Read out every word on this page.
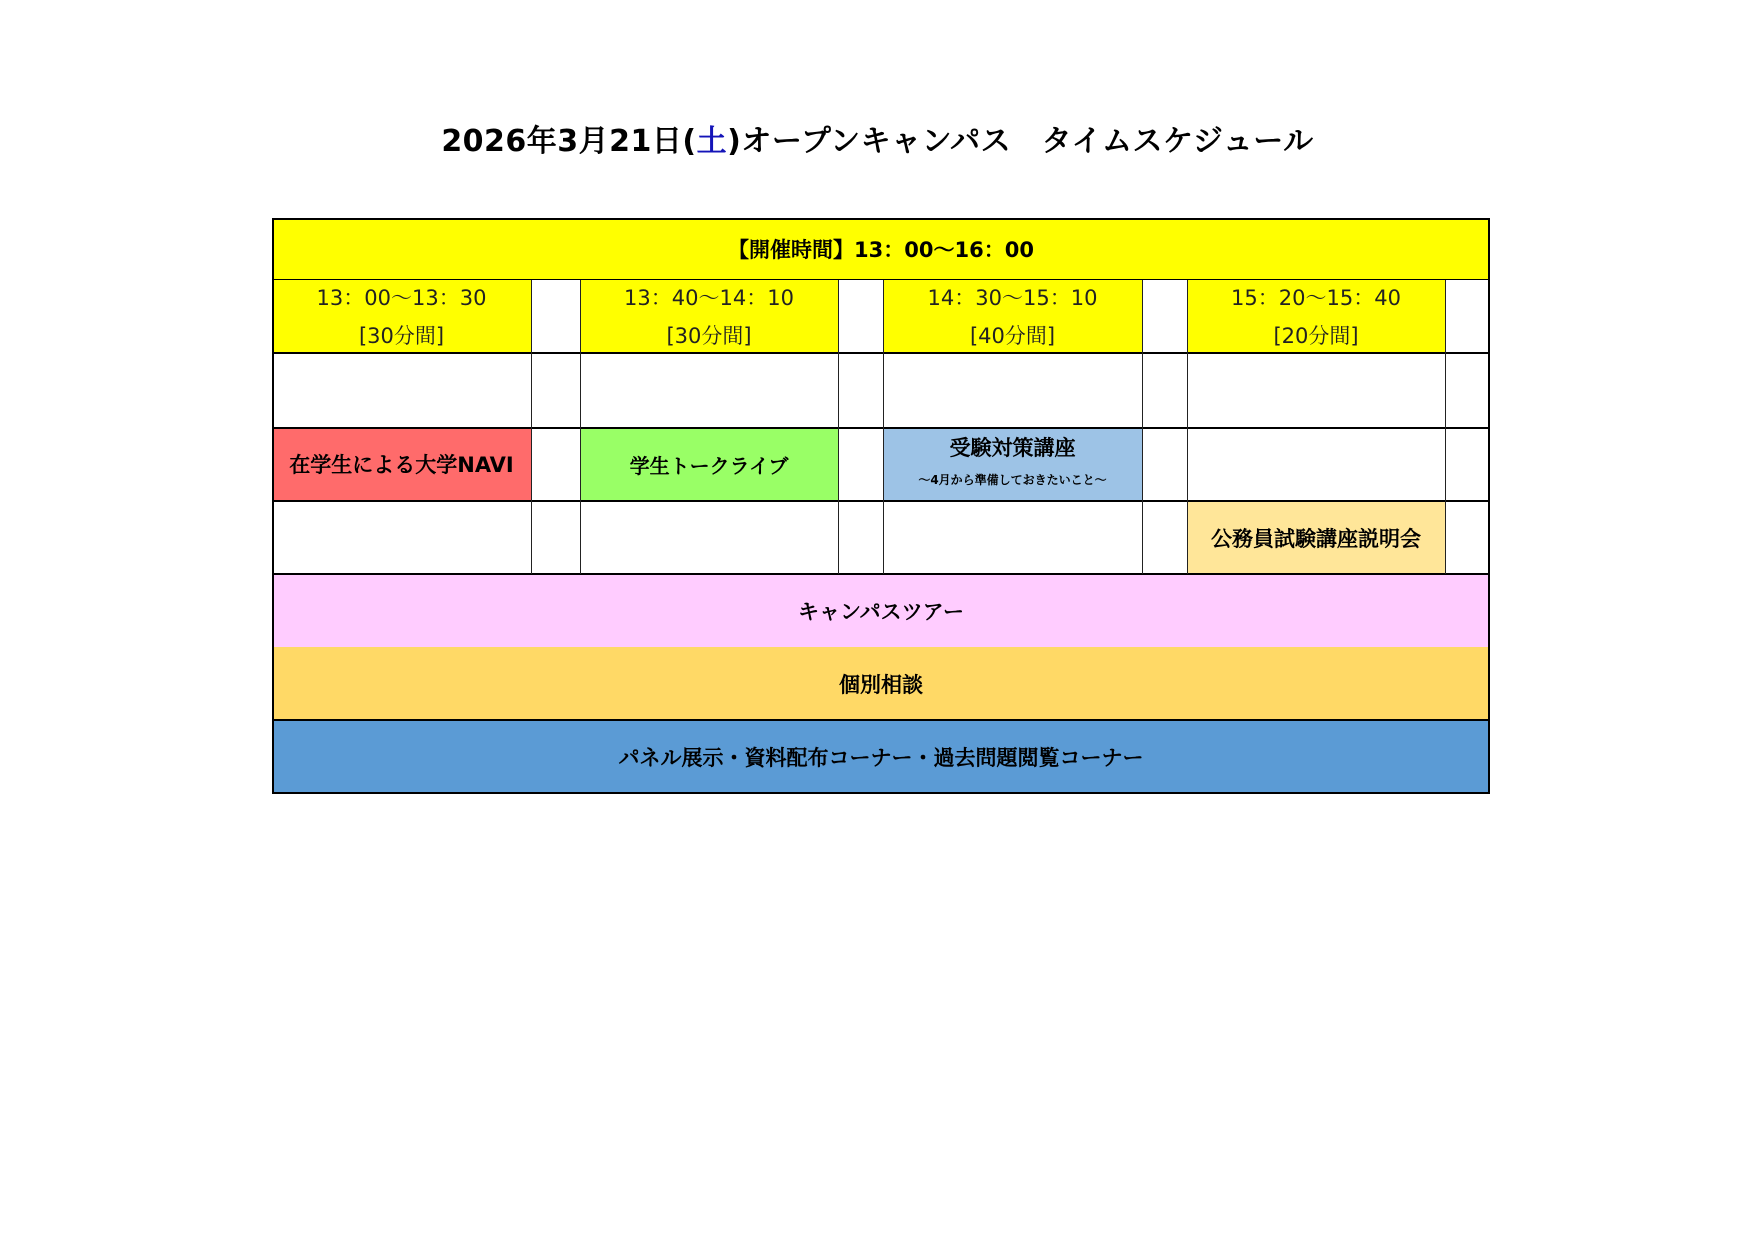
2026年3月21日(土)オープンキャンパス　タイムスケジュール
【開催時間】13：00～16：00
13：00～13：30
[30分間]
13：40～14：10
[30分間]
14：30～15：10
[40分間]
15：20～15：40
[20分間]
在学生による大学NAVI	学生トークライブ
受験対策講座
～4月から準備しておきたいこと～
公務員試験講座説明会
キャンパスツアー
個別相談
パネル展示・資料配布コーナー・過去問題閲覧コーナー
